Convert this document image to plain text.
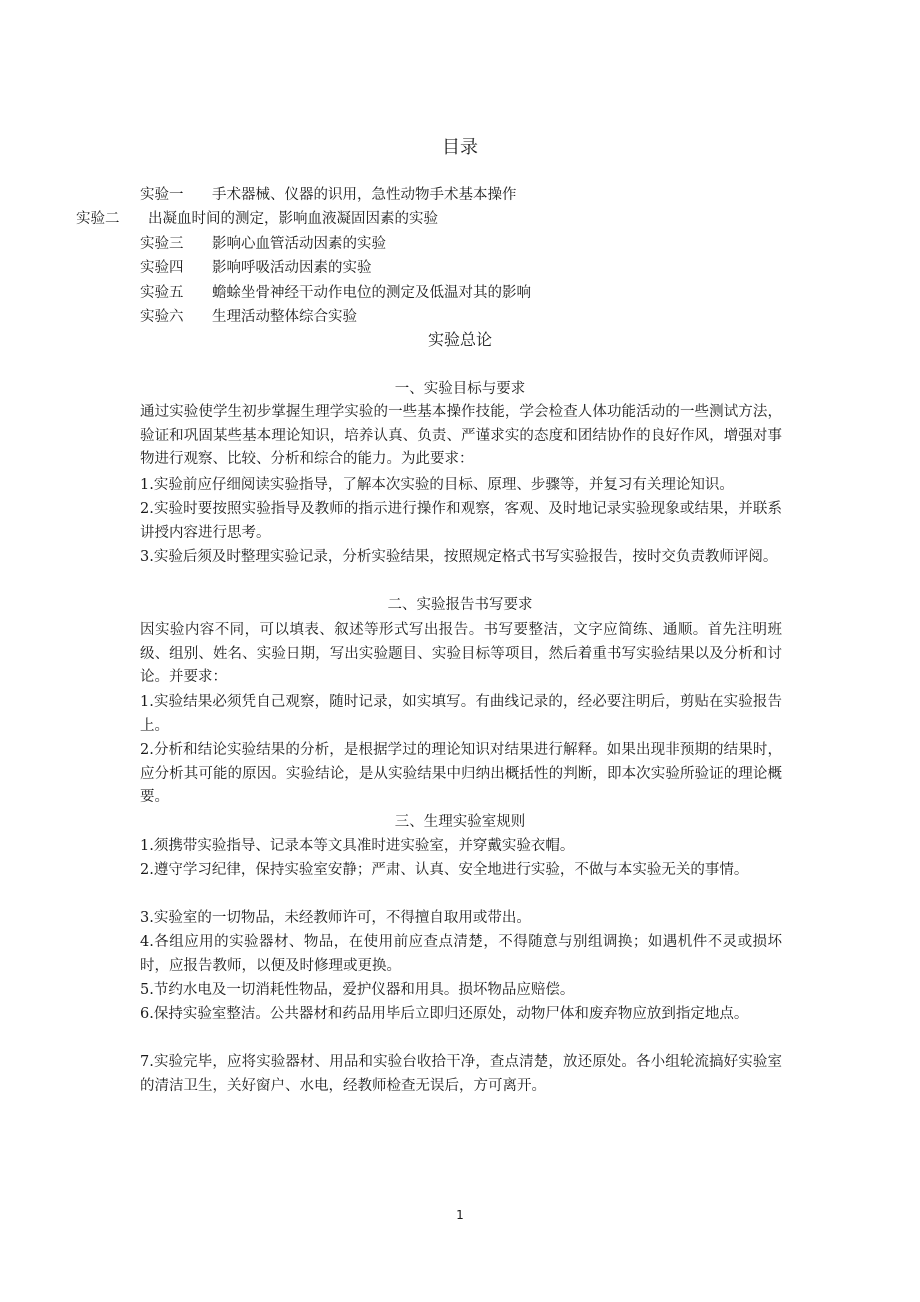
目录
实验一 手术器械、仪器的识用，急性动物手术基本操作
实验二 出凝血时间的测定，影响血液凝固因素的实验
实验三 影响心血管活动因素的实验
实验四 影响呼吸活动因素的实验
实验五 蟾蜍坐骨神经干动作电位的测定及低温对其的影响
实验六 生理活动整体综合实验
实验总论
一、实验目标与要求

通过实验使学生初步掌握生理学实验的一些基本操作技能，学会检查人体功能活动的一些测试方法，验证和巩固某些基本理论知识，培养认真、负责、严谨求实的态度和团结协作的良好作风，增强对事物进行观察、比较、分析和综合的能力。为此要求：

1.实验前应仔细阅读实验指导，了解本次实验的目标、原理、步骤等，并复习有关理论知识。

2.实验时要按照实验指导及教师的指示进行操作和观察，客观、及时地记录实验现象或结果，并联系讲授内容进行思考。

3.实验后须及时整理实验记录，分析实验结果，按照规定格式书写实验报告，按时交负责教师评阅。

二、实验报告书写要求

因实验内容不同，可以填表、叙述等形式写出报告。书写要整洁，文字应简练、通顺。首先注明班级、组别、姓名、实验日期，写出实验题目、实验目标等项目，然后着重书写实验结果以及分析和讨论。并要求：

1.实验结果必须凭自己观察，随时记录，如实填写。有曲线记录的，经必要注明后，剪贴在实验报告上。

2.分析和结论实验结果的分析，是根据学过的理论知识对结果进行解释。如果出现非预期的结果时，应分析其可能的原因。实验结论，是从实验结果中归纳出概括性的判断，即本次实验所验证的理论概要。

三、生理实验室规则

1.须携带实验指导、记录本等文具准时进实验室，并穿戴实验衣帽。

2.遵守学习纪律，保持实验室安静；严肃、认真、安全地进行实验，不做与本实验无关的事情。

3.实验室的一切物品，未经教师许可，不得擅自取用或带出。

4.各组应用的实验器材、物品，在使用前应查点清楚，不得随意与别组调换；如遇机件不灵或损坏时，应报告教师，以便及时修理或更换。

5.节约水电及一切消耗性物品，爱护仪器和用具。损坏物品应赔偿。

6.保持实验室整洁。公共器材和药品用毕后立即归还原处，动物尸体和废弃物应放到指定地点。

7.实验完毕，应将实验器材、用品和实验台收拾干净，查点清楚，放还原处。各小组轮流搞好实验室的清洁卫生，关好窗户、水电，经教师检查无误后，方可离开。

1
